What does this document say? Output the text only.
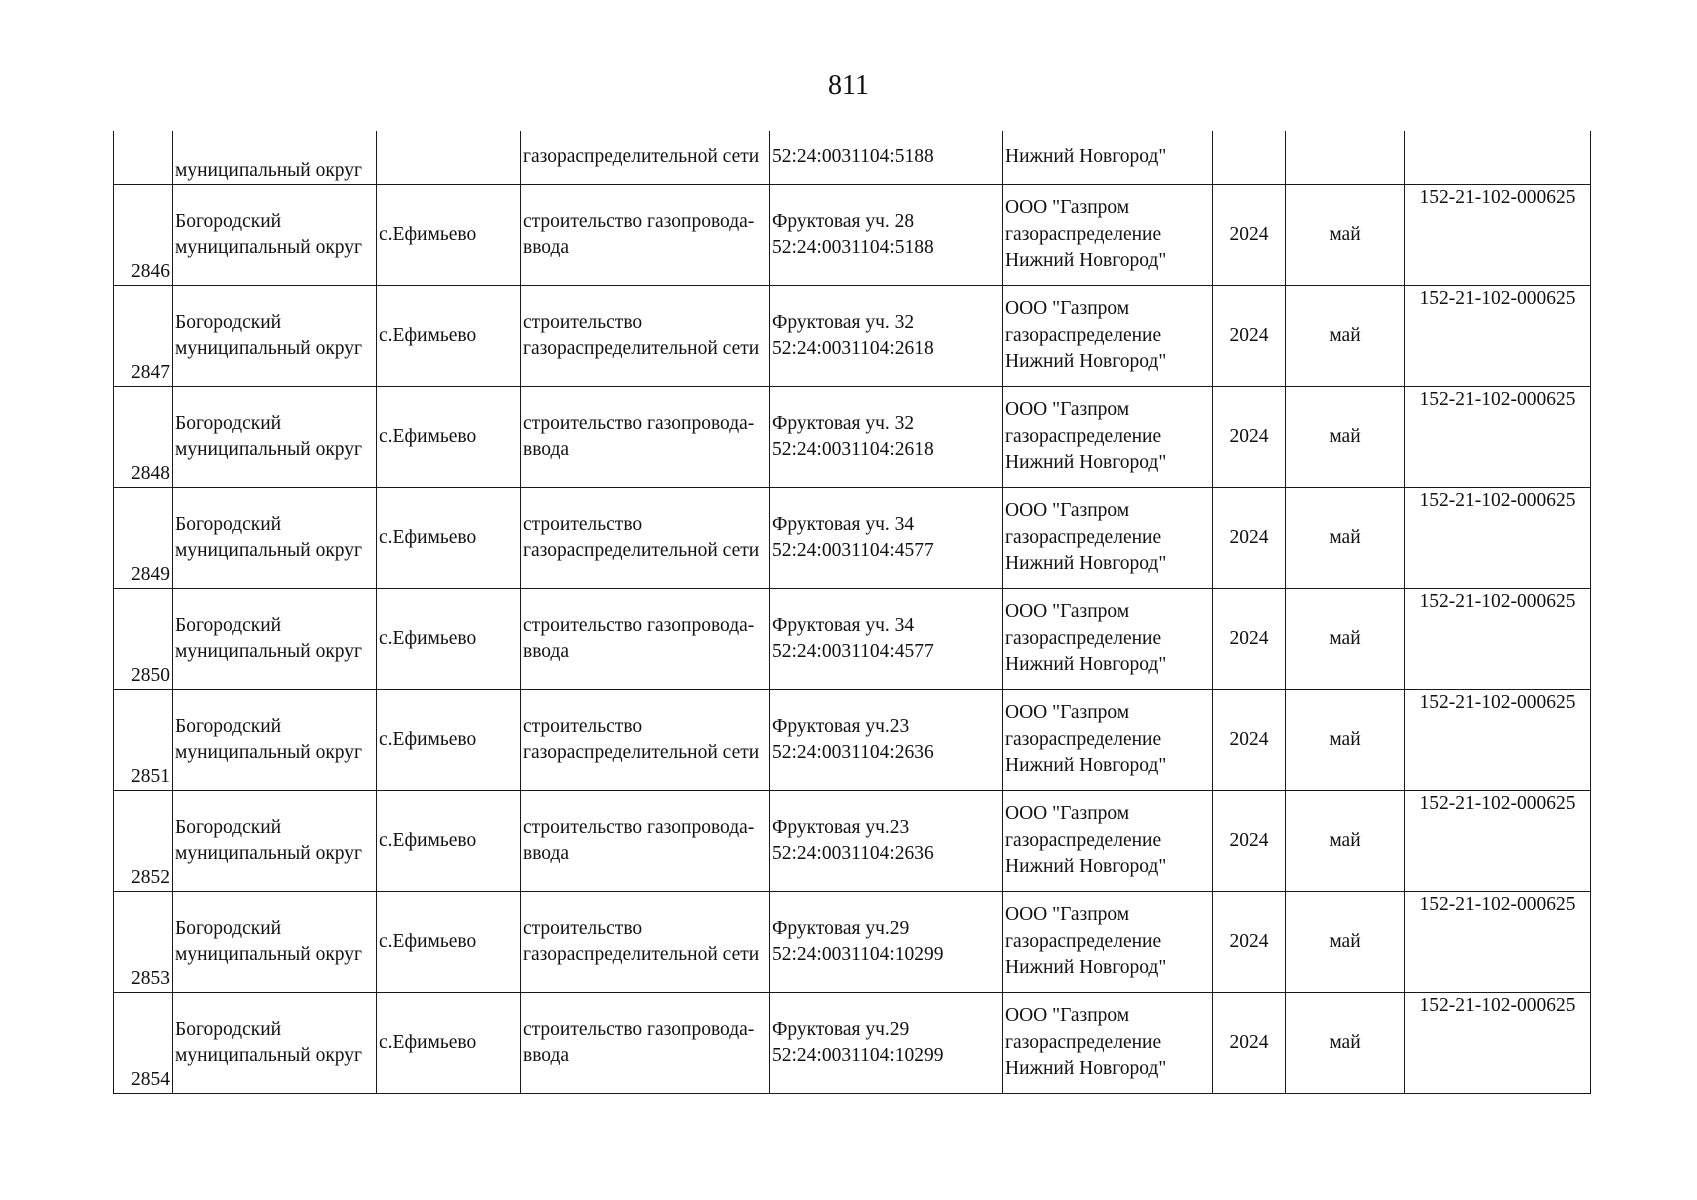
811

	муниципальный округ		газораспределительной сети	52:24:0031104:5188	Нижний Новгород"			

2846	Богородский
муниципальный округ	с.Ефимьево	строительство газопровода-
ввода	Фруктовая уч. 28
52:24:0031104:5188	ООО "Газпром
газораспределение
Нижний Новгород"	2024	май	152-21-102-000625
2847	Богородский
муниципальный округ	с.Ефимьево	строительство
газораспределительной сети	Фруктовая уч. 32
52:24:0031104:2618	ООО "Газпром
газораспределение
Нижний Новгород"	2024	май	152-21-102-000625
2848	Богородский
муниципальный округ	с.Ефимьево	строительство газопровода-
ввода	Фруктовая уч. 32
52:24:0031104:2618	ООО "Газпром
газораспределение
Нижний Новгород"	2024	май	152-21-102-000625
2849	Богородский
муниципальный округ	с.Ефимьево	строительство
газораспределительной сети	Фруктовая уч. 34
52:24:0031104:4577	ООО "Газпром
газораспределение
Нижний Новгород"	2024	май	152-21-102-000625
2850	Богородский
муниципальный округ	с.Ефимьево	строительство газопровода-
ввода	Фруктовая уч. 34
52:24:0031104:4577	ООО "Газпром
газораспределение
Нижний Новгород"	2024	май	152-21-102-000625
2851	Богородский
муниципальный округ	с.Ефимьево	строительство
газораспределительной сети	Фруктовая уч.23
52:24:0031104:2636	ООО "Газпром
газораспределение
Нижний Новгород"	2024	май	152-21-102-000625
2852	Богородский
муниципальный округ	с.Ефимьево	строительство газопровода-
ввода	Фруктовая уч.23
52:24:0031104:2636	ООО "Газпром
газораспределение
Нижний Новгород"	2024	май	152-21-102-000625
2853	Богородский
муниципальный округ	с.Ефимьево	строительство
газораспределительной сети	Фруктовая уч.29
52:24:0031104:10299	ООО "Газпром
газораспределение
Нижний Новгород"	2024	май	152-21-102-000625
2854	Богородский
муниципальный округ	с.Ефимьево	строительство газопровода-
ввода	Фруктовая уч.29
52:24:0031104:10299	ООО "Газпром
газораспределение
Нижний Новгород"	2024	май	152-21-102-000625
